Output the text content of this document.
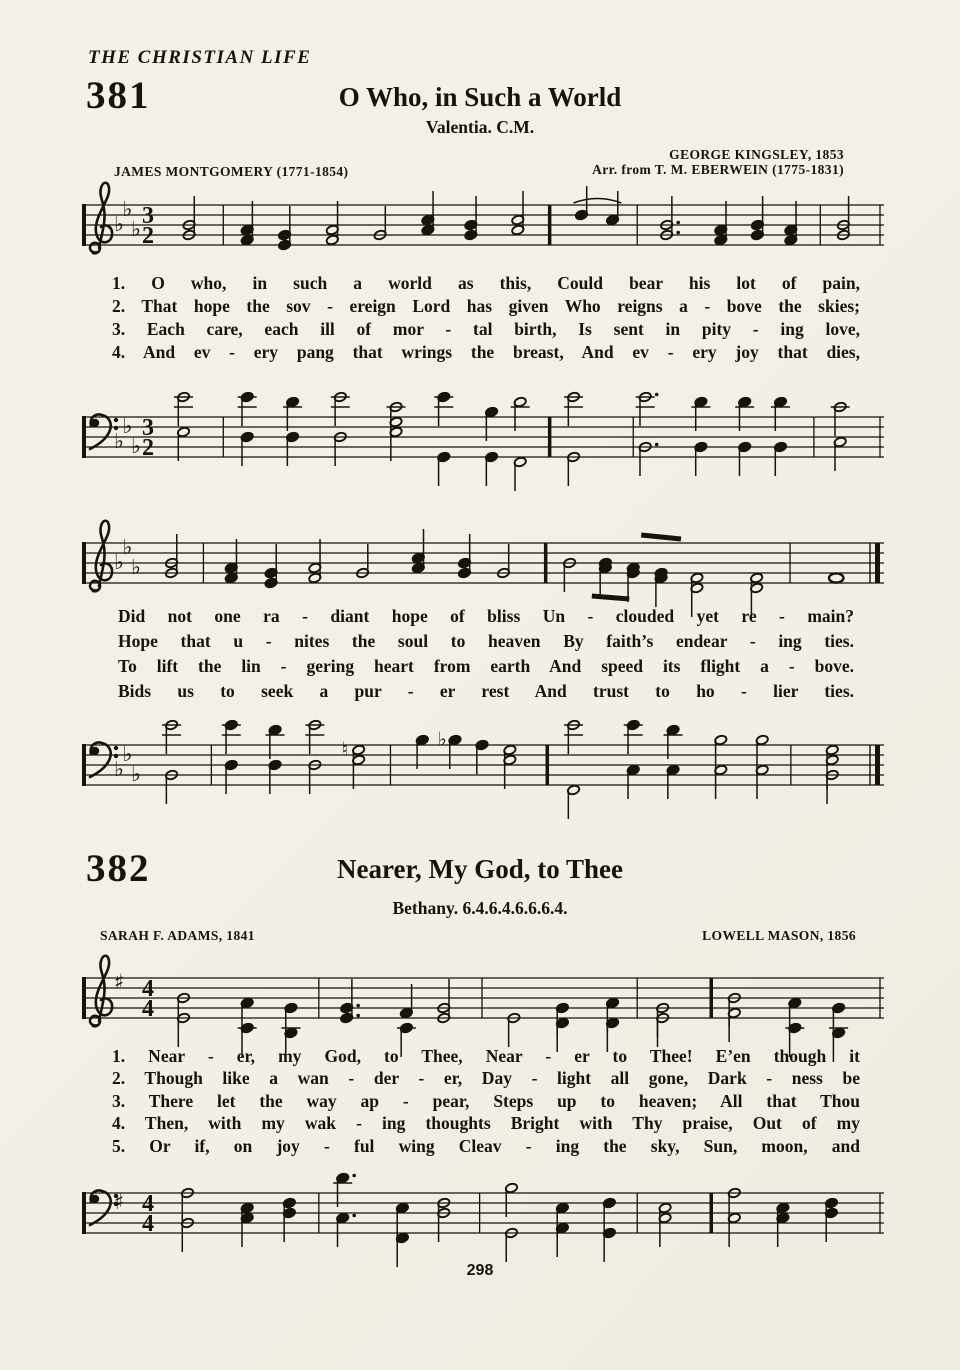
THE CHRISTIAN LIFE
381	O Who, in Such a World
Valentia. C.M.
JAMES MONTGOMERY (1771-1854)
GEORGE KINGSLEY, 1853
Arr. from T. M. EBERWEIN (1775-1831)
♭
♭
♭ 3
2
1. O who, in such a world as this, Could bear his lot of pain,
2. That hope the sov - ereign Lord has given Who reigns a - bove the skies;
3. Each care, each ill of mor - tal birth, Is sent in pity - ing love,
4. And ev - ery pang that wrings the breast, And ev - ery joy that dies,
♭
♭
♭
3
2
♭
♭
♭
Did not one ra - diant hope of bliss Un - clouded yet re - main?
Hope that u - nites the soul to heaven By faith’s endear - ing ties.
To lift the lin - gering heart from earth And speed its flight a - bove.
Bids us to seek a pur - er rest And trust to ho - lier ties.
♭
♭
♭
♮	♭
382	Nearer, My God, to Thee
Bethany. 6.4.6.4.6.6.6.4.
SARAH F. ADAMS, 1841	LOWELL MASON, 1856
♯ 4
4
1. Near - er, my God, to Thee, Near - er to Thee! E’en though it
2. Though like a wan - der - er, Day - light all gone, Dark - ness be
3. There let the way ap - pear, Steps up to heaven; All that Thou
4. Then, with my wak - ing thoughts Bright with Thy praise, Out of my
5. Or if, on joy - ful wing Cleav - ing the sky, Sun, moon, and
♯ 4
4
298
